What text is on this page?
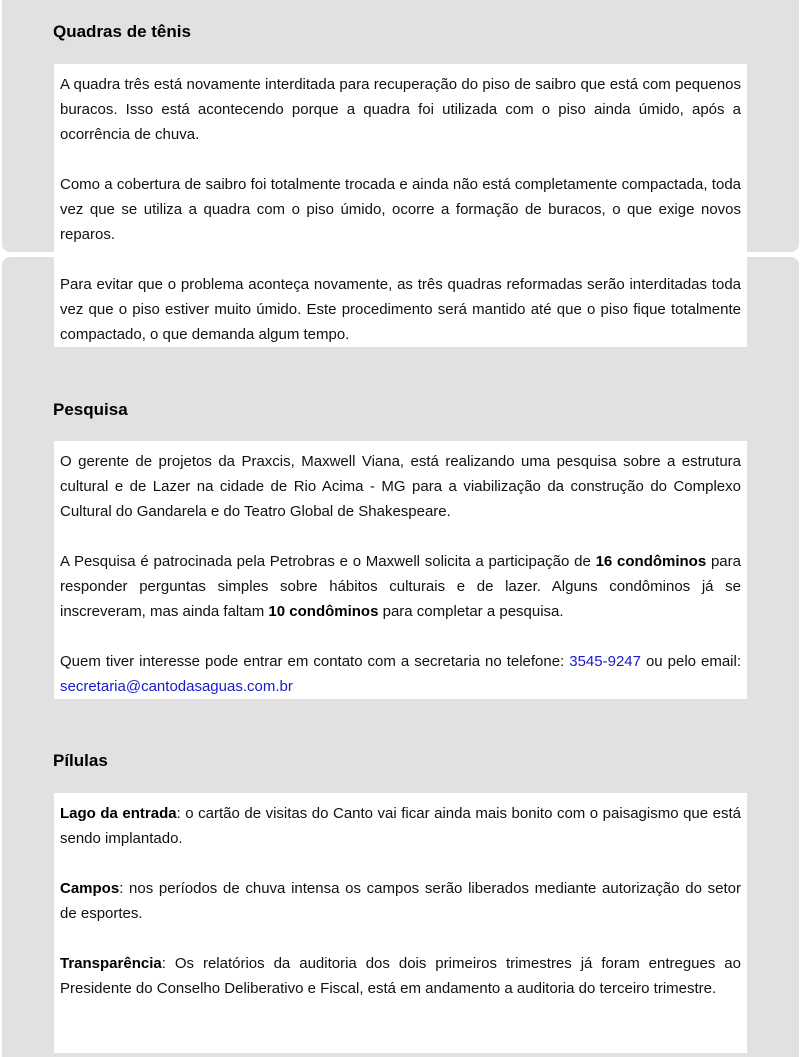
Quadras de tênis

A quadra três está novamente interditada para recuperação do piso de saibro que está com pequenos buracos. Isso está acontecendo porque a quadra foi utilizada com o piso ainda úmido, após a ocorrência de chuva.

Como a cobertura de saibro foi totalmente trocada e ainda não está completamente compactada, toda vez que se utiliza a quadra com o piso úmido, ocorre a formação de buracos, o que exige novos reparos.

Para evitar que o problema aconteça novamente, as três quadras reformadas serão interditadas toda vez que o piso estiver muito úmido. Este procedimento será mantido até que o piso fique totalmente compactado, o que demanda algum tempo.

Pesquisa

O gerente de projetos da Praxcis, Maxwell Viana, está realizando uma pesquisa sobre a estrutura cultural e de Lazer na cidade de Rio Acima - MG para a viabilização da construção do Complexo Cultural do Gandarela e do Teatro Global de Shakespeare.

A Pesquisa é patrocinada pela Petrobras e o Maxwell solicita a participação de 16 condôminos para responder perguntas simples sobre hábitos culturais e de lazer. Alguns condôminos já se inscreveram, mas ainda faltam 10 condôminos para completar a pesquisa.

Quem tiver interesse pode entrar em contato com a secretaria no telefone: 3545-9247 ou pelo email: secretaria@cantodasaguas.com.br

Pílulas

Lago da entrada: o cartão de visitas do Canto vai ficar ainda mais bonito com o paisagismo que está sendo implantado.

Campos: nos períodos de chuva intensa os campos serão liberados mediante autorização do setor de esportes.

Transparência: Os relatórios da auditoria dos dois primeiros trimestres já foram entregues ao Presidente do Conselho Deliberativo e Fiscal, está em andamento a auditoria do terceiro trimestre.
